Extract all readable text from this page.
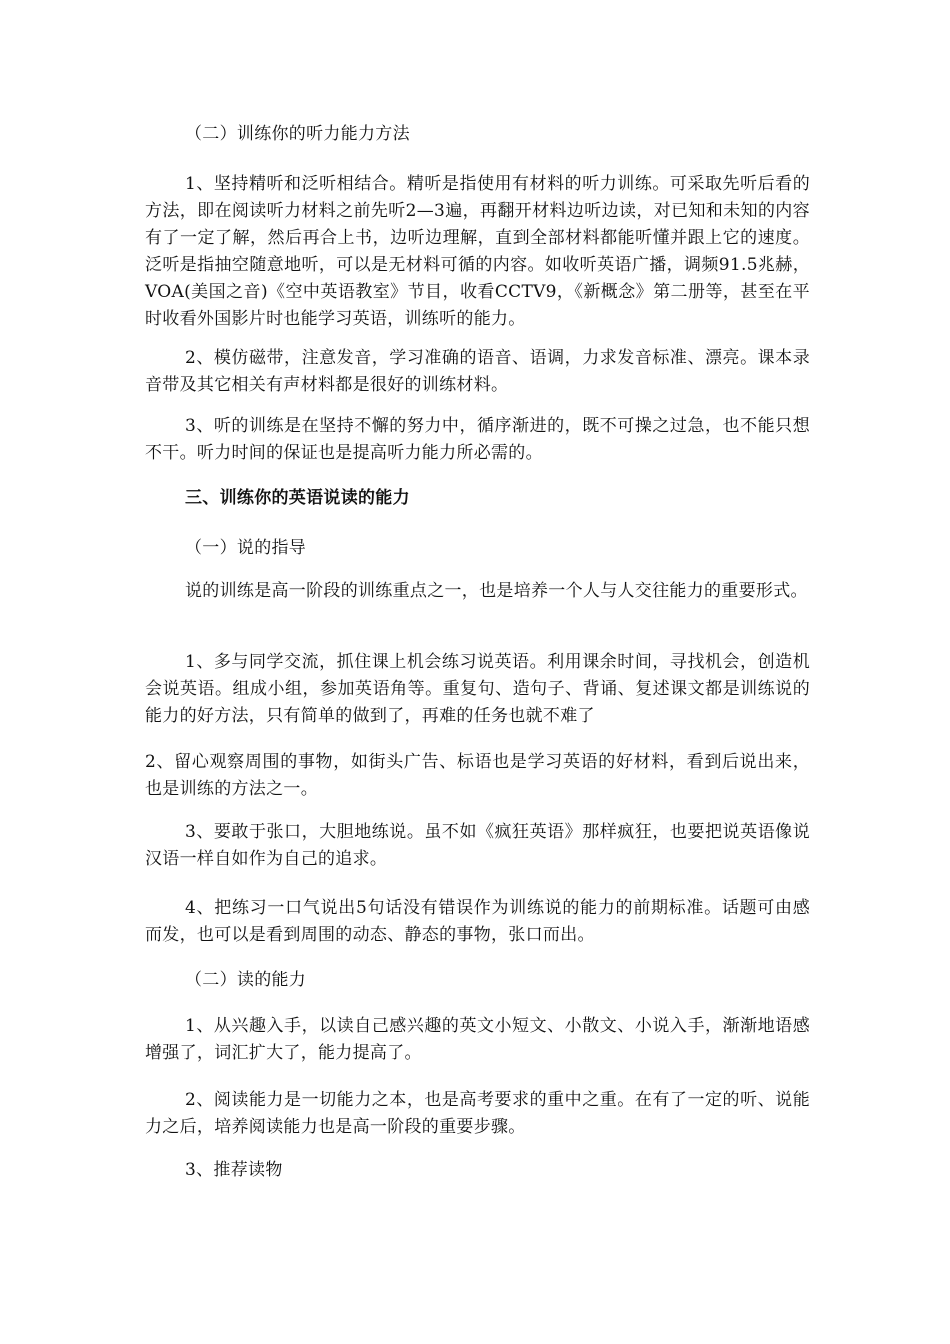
（二）训练你的听力能力方法

1、坚持精听和泛听相结合。精听是指使用有材料的听力训练。可采取先听后看的方法，即在阅读听力材料之前先听2—3遍，再翻开材料边听边读，对已知和未知的内容有了一定了解，然后再合上书，边听边理解，直到全部材料都能听懂并跟上它的速度。泛听是指抽空随意地听，可以是无材料可循的内容。如收听英语广播，调频91.5兆赫，VOA(美国之音)《空中英语教室》节目，收看CCTV9，《新概念》第二册等，甚至在平时收看外国影片时也能学习英语，训练听的能力。

2、模仿磁带，注意发音，学习准确的语音、语调，力求发音标准、漂亮。课本录音带及其它相关有声材料都是很好的训练材料。

3、听的训练是在坚持不懈的努力中，循序渐进的，既不可操之过急，也不能只想不干。听力时间的保证也是提高听力能力所必需的。

三、训练你的英语说读的能力

（一）说的指导

说的训练是高一阶段的训练重点之一，也是培养一个人与人交往能力的重要形式。

1、多与同学交流，抓住课上机会练习说英语。利用课余时间，寻找机会，创造机会说英语。组成小组，参加英语角等。重复句、造句子、背诵、复述课文都是训练说的能力的好方法，只有简单的做到了，再难的任务也就不难了

2、留心观察周围的事物，如街头广告、标语也是学习英语的好材料，看到后说出来，也是训练的方法之一。

3、要敢于张口，大胆地练说。虽不如《疯狂英语》那样疯狂，也要把说英语像说汉语一样自如作为自己的追求。

4、把练习一口气说出5句话没有错误作为训练说的能力的前期标准。话题可由感而发，也可以是看到周围的动态、静态的事物，张口而出。

（二）读的能力

1、从兴趣入手，以读自己感兴趣的英文小短文、小散文、小说入手，渐渐地语感增强了，词汇扩大了，能力提高了。

2、阅读能力是一切能力之本，也是高考要求的重中之重。在有了一定的听、说能力之后，培养阅读能力也是高一阶段的重要步骤。

3、推荐读物
